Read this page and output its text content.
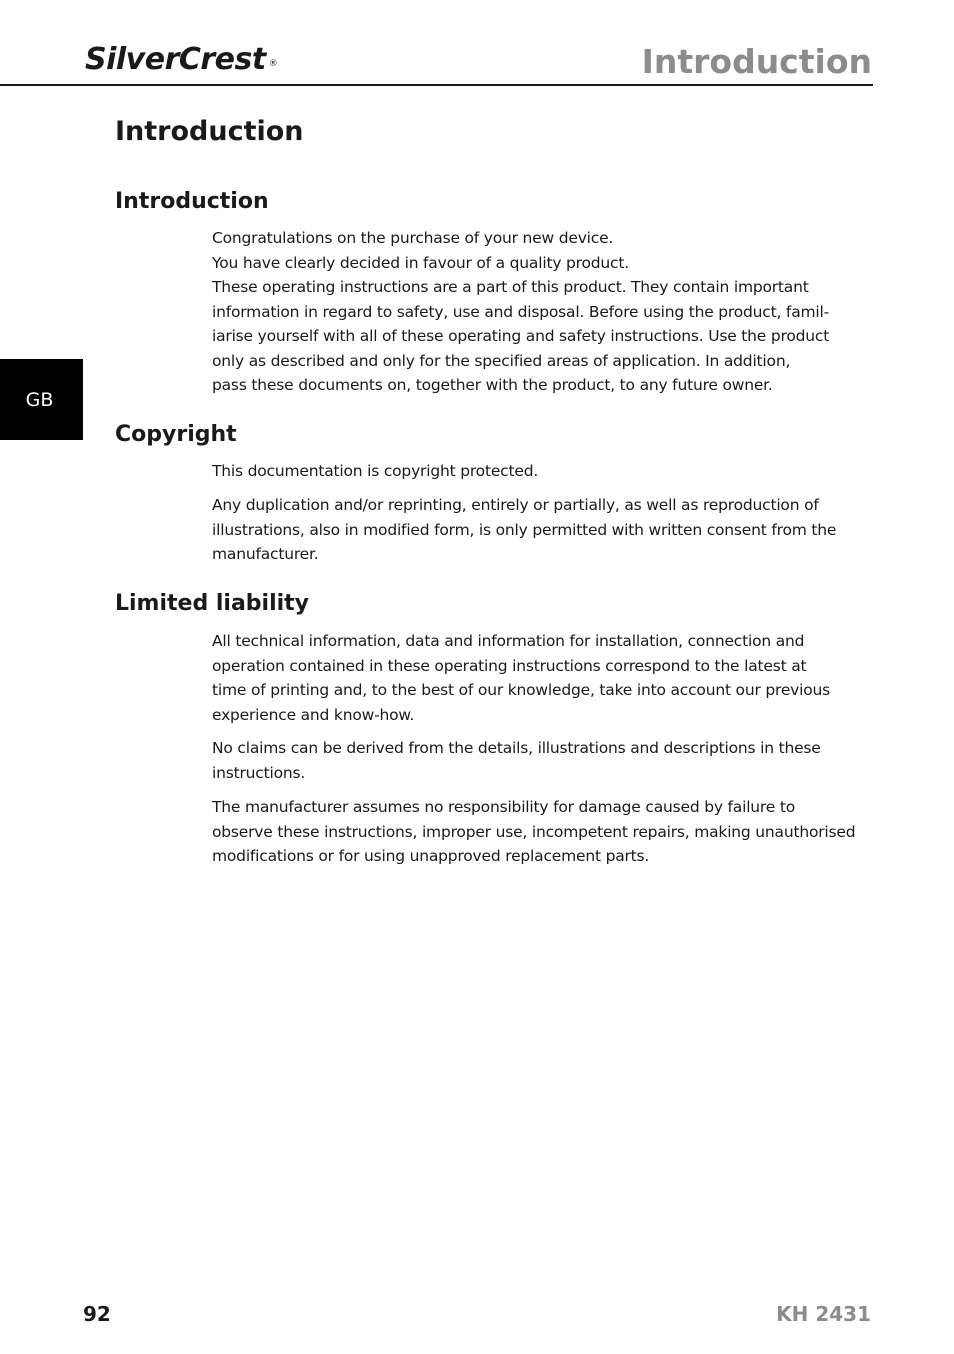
SilverCrest ®	Introduction
GB
Introduction
Introduction

Congratulations on the purchase of your new device.
You have clearly decided in favour of a quality product.
These operating instructions are a part of this product. They contain important
information in regard to safety, use and disposal. Before using the product, famil-
iarise yourself with all of these operating and safety instructions. Use the product
only as described and only for the specified areas of application. In addition,
pass these documents on, together with the product, to any future owner.

Copyright

This documentation is copyright protected.

Any duplication and/or reprinting, entirely or partially, as well as reproduction of
illustrations, also in modified form, is only permitted with written consent from the
manufacturer.

Limited liability

All technical information, data and information for installation, connection and
operation contained in these operating instructions correspond to the latest at
time of printing and, to the best of our knowledge, take into account our previous
experience and know-how.

No claims can be derived from the details, illustrations and descriptions in these
instructions.

The manufacturer assumes no responsibility for damage caused by failure to
observe these instructions, improper use, incompetent repairs, making unauthorised
modifications or for using unapproved replacement parts.

92	KH 2431
